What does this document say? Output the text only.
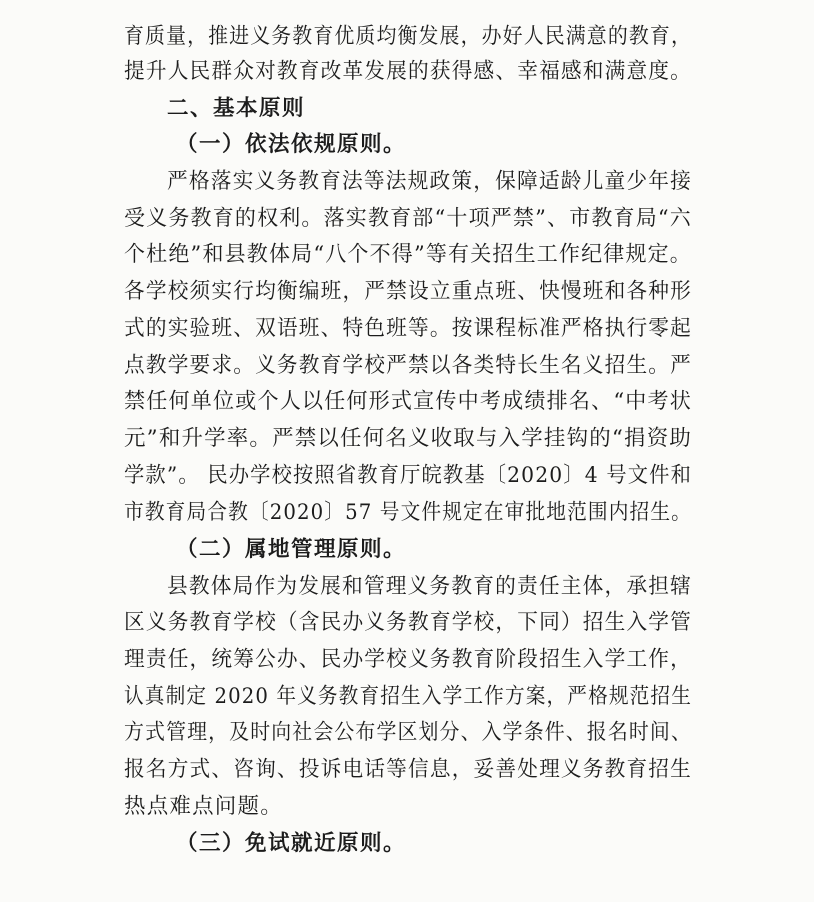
育质量，推进义务教育优质均衡发展，办好人民满意的教育，
提升人民群众对教育改革发展的获得感、幸福感和满意度。
二、基本原则
（一）依法依规原则。
严格落实义务教育法等法规政策，保障适龄儿童少年接
受义务教育的权利。落实教育部“十项严禁”、市教育局“六
个杜绝”和县教体局“八个不得”等有关招生工作纪律规定。
各学校须实行均衡编班，严禁设立重点班、快慢班和各种形
式的实验班、双语班、特色班等。按课程标准严格执行零起
点教学要求。义务教育学校严禁以各类特长生名义招生。严
禁任何单位或个人以任何形式宣传中考成绩排名、“中考状
元”和升学率。严禁以任何名义收取与入学挂钩的“捐资助
学款”。 民办学校按照省教育厅皖教基〔2020〕4 号文件和
市教育局合教〔2020〕57 号文件规定在审批地范围内招生。
（二）属地管理原则。
县教体局作为发展和管理义务教育的责任主体，承担辖
区义务教育学校（含民办义务教育学校，下同）招生入学管
理责任，统筹公办、民办学校义务教育阶段招生入学工作，
认真制定 2020 年义务教育招生入学工作方案，严格规范招生
方式管理，及时向社会公布学区划分、入学条件、报名时间、
报名方式、咨询、投诉电话等信息，妥善处理义务教育招生
热点难点问题。
（三）免试就近原则。
